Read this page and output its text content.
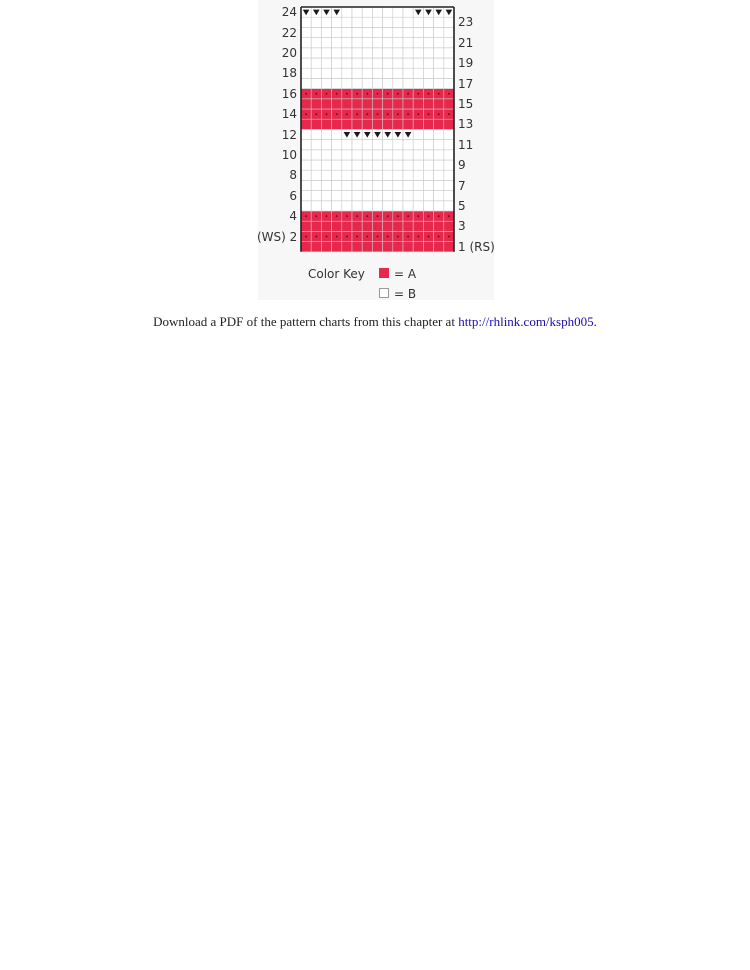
24
22
20
18
16
14
12
10
8
6
4
(WS) 2
23
21
19
17
15
13
11
9
7
5
3
1 (RS)
Color Key = A
= B
Download a PDF of the pattern charts from this chapter at http://rhlink.com/ksph005.
